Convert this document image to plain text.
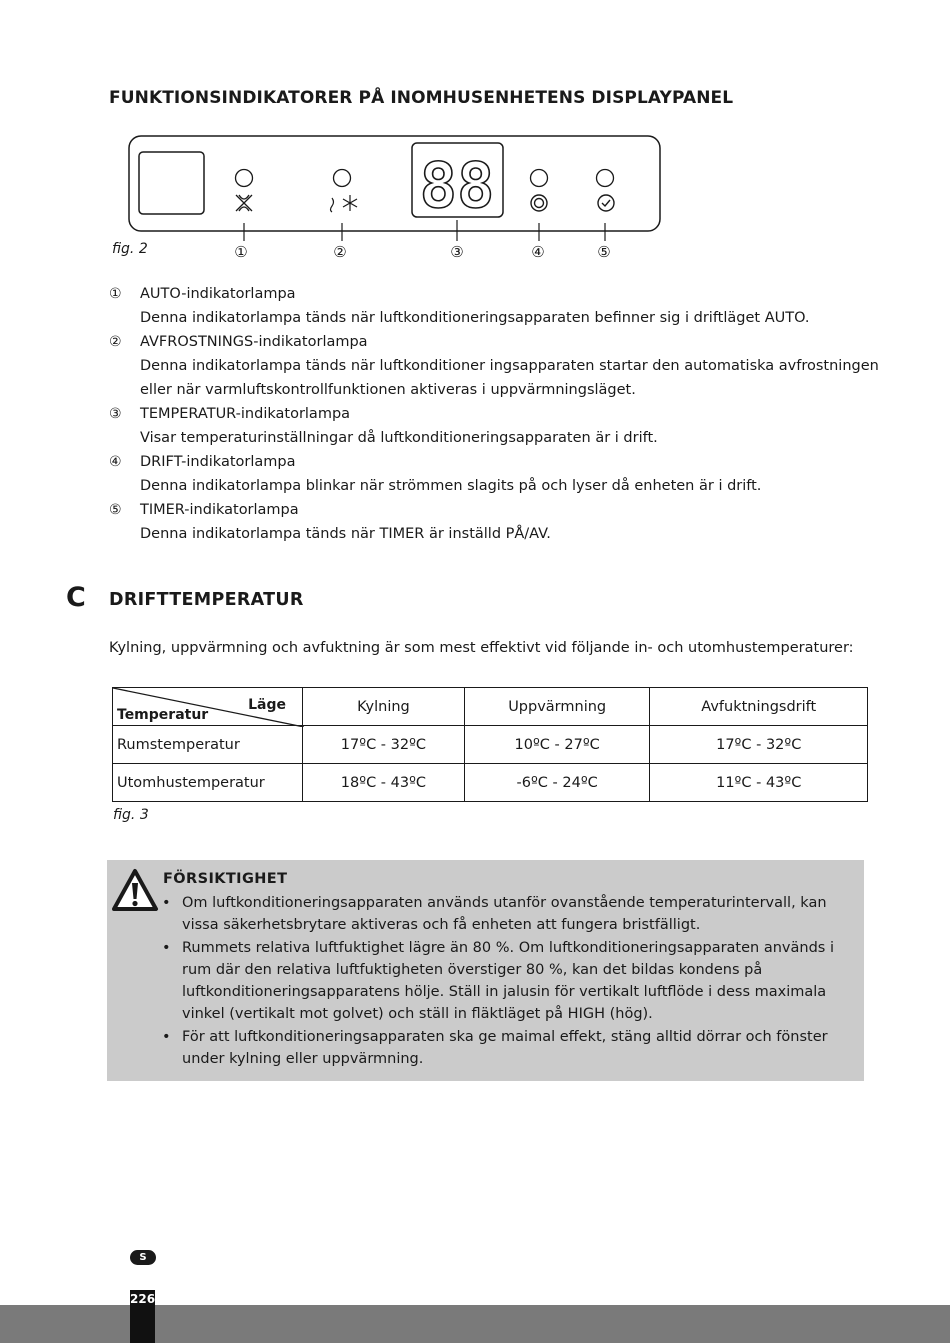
FUNKTIONSINDIKATORER PÅ INOMHUSENHETENS DISPLAYPANEL
88
fig. 2	①	②	③	④	⑤
①	AUTO-indikatorlampa
Denna indikatorlampa tänds när luftkonditioneringsapparaten befinner sig i driftläget AUTO.
②	AVFROSTNINGS-indikatorlampa
Denna indikatorlampa tänds när luftkonditioner ingsapparaten startar den automatiska avfrostningen eller när varmluftskontrollfunktionen aktiveras i uppvärmningsläget.
③	TEMPERATUR-indikatorlampa
Visar temperaturinställningar då luftkonditioneringsapparaten är i drift.
④	DRIFT-indikatorlampa
Denna indikatorlampa blinkar när strömmen slagits på och lyser då enheten är i drift.
⑤	TIMER-indikatorlampa
Denna indikatorlampa tänds när TIMER är inställd PÅ/AV.
C DRIFTTEMPERATUR
Kylning, uppvärmning och avfuktning är som mest effektivt vid följande in- och utomhustemperaturer:
Läge
Temperatur	Kylning	Uppvärmning	Avfuktningsdrift
Rumstemperatur	17ºC - 32ºC	10ºC - 27ºC	17ºC - 32ºC
Utomhustemperatur	18ºC - 43ºC	-6ºC - 24ºC	11ºC - 43ºC
fig. 3
FÖRSIKTIGHET
• Om luftkonditioneringsapparaten används utanför ovanstående temperaturintervall, kan vissa säkerhetsbrytare aktiveras och få enheten att fungera bristfälligt.
• Rummets relativa luftfuktighet lägre än 80 %. Om luftkonditioneringsapparaten används i rum där den relativa luftfuktigheten överstiger 80 %, kan det bildas kondens på luftkonditioneringsapparatens hölje. Ställ in jalusin för vertikalt luftflöde i dess maximala vinkel (vertikalt mot golvet) och ställ in fläktläget på HIGH (hög).
• För att luftkonditioneringsapparaten ska ge maimal effekt, stäng alltid dörrar och fönster under kylning eller uppvärmning.
S
226
